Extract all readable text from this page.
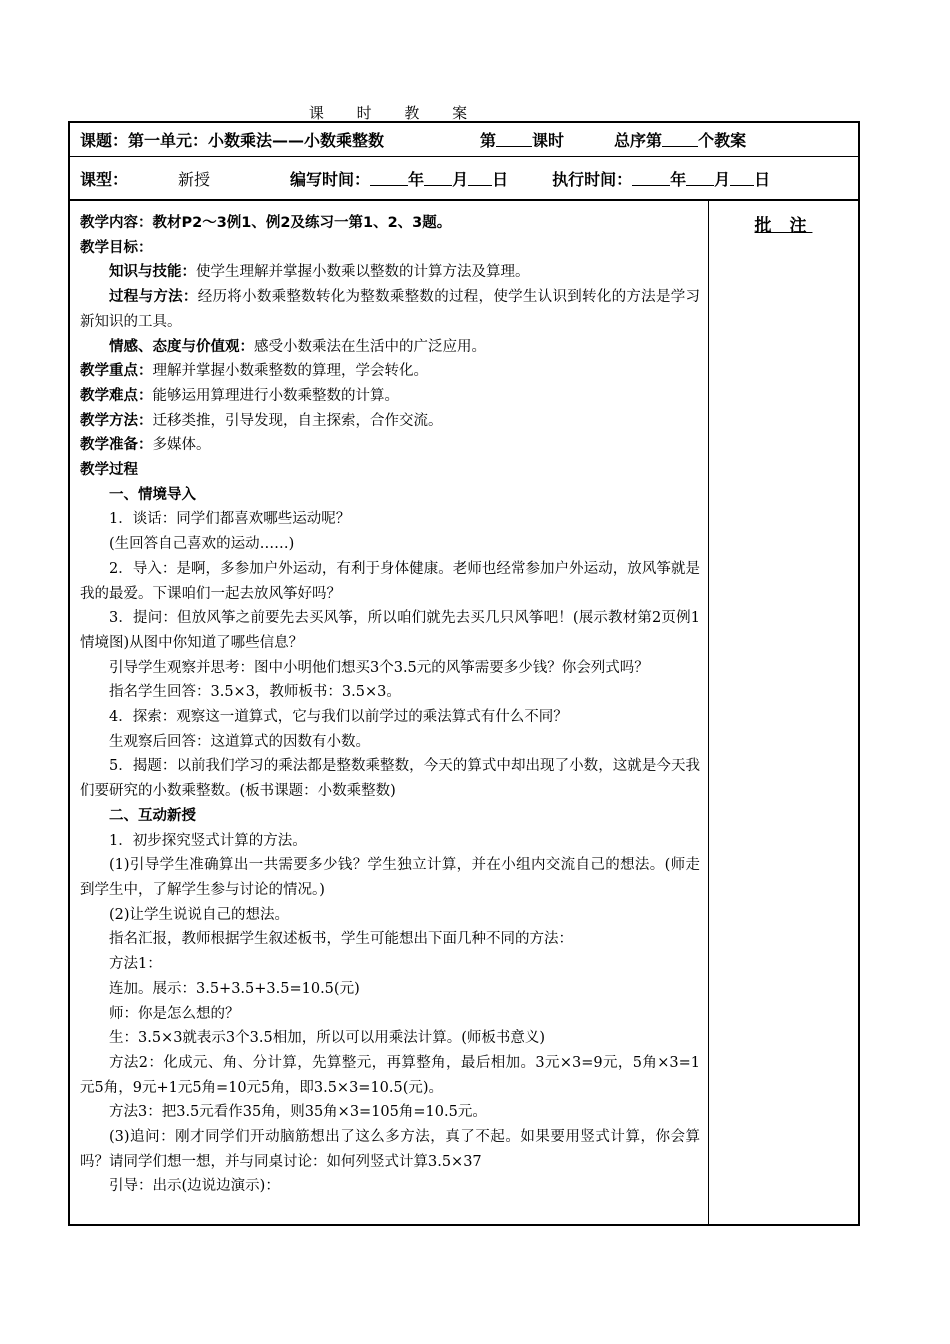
课 时 教 案
课题：第一单元：小数乘法——小数乘整数	第 课时	总序第 个教案
课型：	新授	编写时间： 年 月 日	执行时间： 年 月 日

教学内容：教材P2～3例1、例2及练习一第1、2、3题。

教学目标：

知识与技能：使学生理解并掌握小数乘以整数的计算方法及算理。

过程与方法：经历将小数乘整数转化为整数乘整数的过程，使学生认识到转化的方法是学习新知识的工具。

情感、态度与价值观：感受小数乘法在生活中的广泛应用。

教学重点：理解并掌握小数乘整数的算理，学会转化。

教学难点：能够运用算理进行小数乘整数的计算。

教学方法：迁移类推，引导发现，自主探索，合作交流。

教学准备：多媒体。

教学过程

一、情境导入

1．谈话：同学们都喜欢哪些运动呢？

(生回答自己喜欢的运动……)

2．导入：是啊，多参加户外运动，有利于身体健康。老师也经常参加户外运动，放风筝就是我的最爱。下课咱们一起去放风筝好吗？

3．提问：但放风筝之前要先去买风筝，所以咱们就先去买几只风筝吧！(展示教材第2页例1情境图)从图中你知道了哪些信息？

引导学生观察并思考：图中小明他们想买3个3.5元的风筝需要多少钱？你会列式吗？

指名学生回答：3.5×3，教师板书：3.5×3。

4．探索：观察这一道算式，它与我们以前学过的乘法算式有什么不同？

生观察后回答：这道算式的因数有小数。

5．揭题：以前我们学习的乘法都是整数乘整数，今天的算式中却出现了小数，这就是今天我们要研究的小数乘整数。(板书课题：小数乘整数)

二、互动新授

1．初步探究竖式计算的方法。

(1)引导学生准确算出一共需要多少钱？学生独立计算，并在小组内交流自己的想法。(师走到学生中，了解学生参与讨论的情况。)

(2)让学生说说自己的想法。

指名汇报，教师根据学生叙述板书，学生可能想出下面几种不同的方法：

方法1：

连加。展示：3.5+3.5+3.5=10.5(元)

师：你是怎么想的？

生：3.5×3就表示3个3.5相加，所以可以用乘法计算。(师板书意义)

方法2：化成元、角、分计算，先算整元，再算整角，最后相加。3元×3=9元，5角×3=1元5角，9元+1元5角=10元5角，即3.5×3=10.5(元)。

方法3：把3.5元看作35角，则35角×3=105角=10.5元。

(3)追问：刚才同学们开动脑筋想出了这么多方法，真了不起。如果要用竖式计算，你会算吗？请同学们想一想，并与同桌讨论：如何列竖式计算3.5×37

引导：出示(边说边演示)：

批 注
